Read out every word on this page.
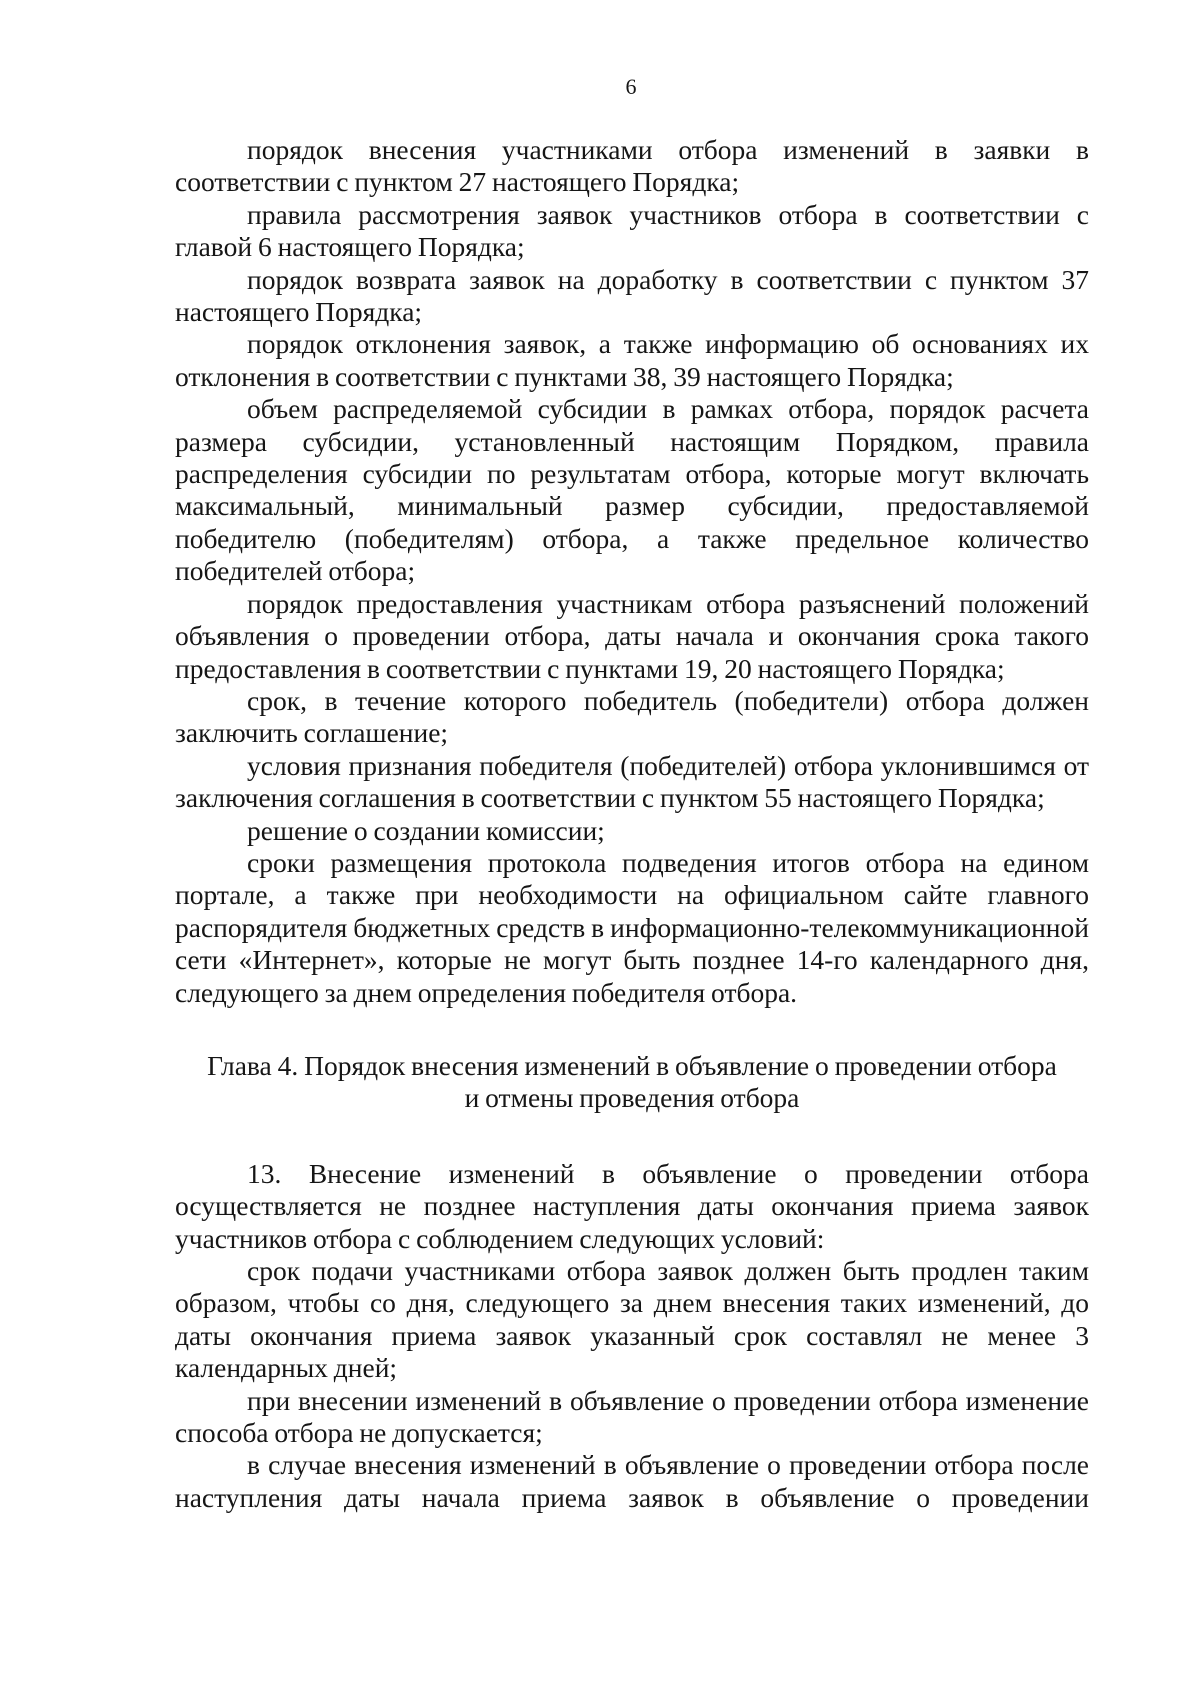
6

порядок внесения участниками отбора изменений в заявки в соответствии с пунктом 27 настоящего Порядка;

правила рассмотрения заявок участников отбора в соответствии с главой 6 настоящего Порядка;

порядок возврата заявок на доработку в соответствии с пунктом 37 настоящего Порядка;

порядок отклонения заявок, а также информацию об основаниях их отклонения в соответствии с пунктами 38, 39 настоящего Порядка;

объем распределяемой субсидии в рамках отбора, порядок расчета размера субсидии, установленный настоящим Порядком, правила распределения субсидии по результатам отбора, которые могут включать максимальный, минимальный размер субсидии, предоставляемой победителю (победителям) отбора, а также предельное количество победителей отбора;

порядок предоставления участникам отбора разъяснений положений объявления о проведении отбора, даты начала и окончания срока такого предоставления в соответствии с пунктами 19, 20 настоящего Порядка;

срок, в течение которого победитель (победители) отбора должен заключить соглашение;

условия признания победителя (победителей) отбора уклонившимся от заключения соглашения в соответствии с пунктом 55 настоящего Порядка;

решение о создании комиссии;

сроки размещения протокола подведения итогов отбора на едином портале, а также при необходимости на официальном сайте главного распорядителя бюджетных средств в информационно-телекоммуникационной сети «Интернет», которые не могут быть позднее 14-го календарного дня, следующего за днем определения победителя отбора.

Глава 4. Порядок внесения изменений в объявление о проведении отбора
и отмены проведения отбора

13. Внесение изменений в объявление о проведении отбора осуществляется не позднее наступления даты окончания приема заявок участников отбора с соблюдением следующих условий:

срок подачи участниками отбора заявок должен быть продлен таким образом, чтобы со дня, следующего за днем внесения таких изменений, до даты окончания приема заявок указанный срок составлял не менее 3 календарных дней;

при внесении изменений в объявление о проведении отбора изменение способа отбора не допускается;

в случае внесения изменений в объявление о проведении отбора после наступления даты начала приема заявок в объявление о проведении
